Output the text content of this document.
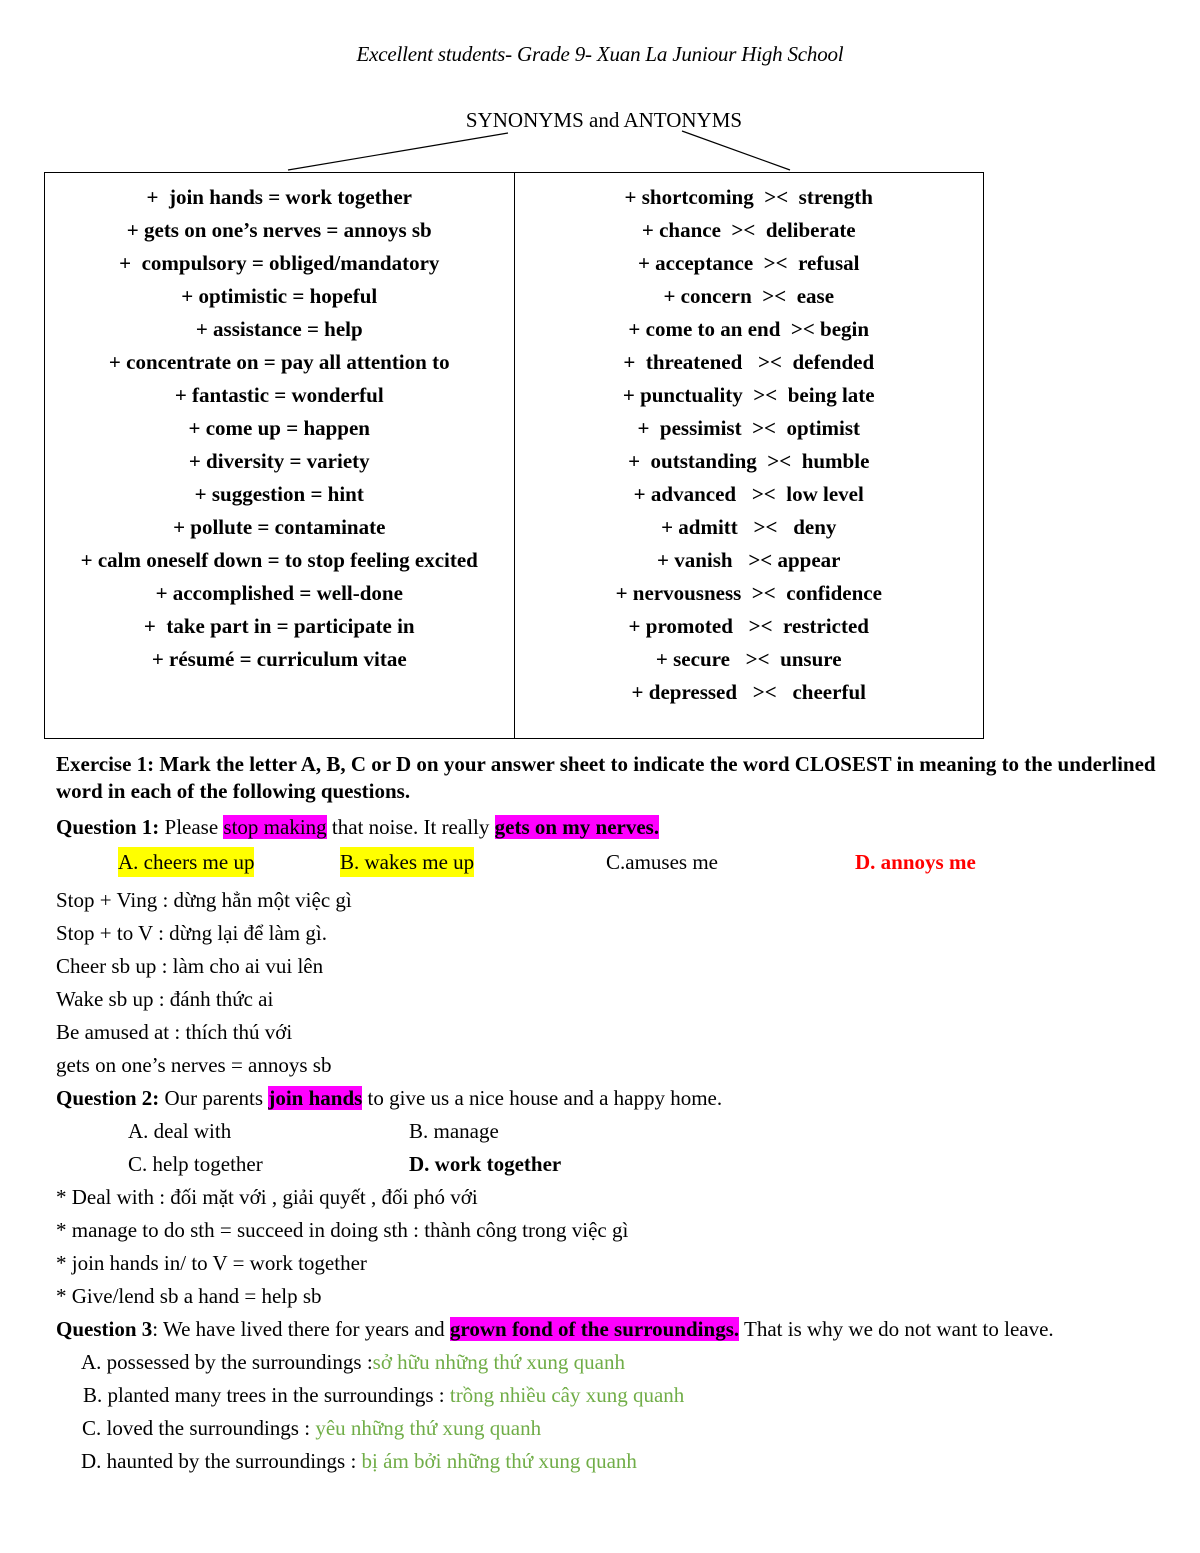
Excellent students- Grade 9- Xuan La Juniour High School
SYNONYMS and ANTONYMS
+  join hands = work together
+ gets on one’s nerves = annoys sb
+  compulsory = obliged/mandatory
+ optimistic = hopeful
+ assistance = help
+ concentrate on = pay all attention to
+ fantastic = wonderful
+ come up = happen
+ diversity = variety
+ suggestion = hint
+ pollute = contaminate
+ calm oneself down = to stop feeling excited
+ accomplished = well-done
+  take part in = participate in
+ résumé = curriculum vitae
+ shortcoming  ><  strength
+ chance  ><  deliberate
+ acceptance  ><  refusal
+ concern  ><  ease
+ come to an end  >< begin
+  threatened   ><  defended
+ punctuality  ><  being late
+  pessimist  ><  optimist
+  outstanding  ><  humble
+ advanced   ><  low level
+ admitt   ><   deny
+ vanish   >< appear
+ nervousness  ><  confidence
+ promoted   ><  restricted
+ secure   ><  unsure
+ depressed   ><   cheerful
Exercise 1: Mark the letter A, B, C or D on your answer sheet to indicate the word CLOSEST in meaning to the underlined word in each of the following questions.
Question 1: Please stop making that noise. It really gets on my nerves.
A. cheers me up	B. wakes me up	C.amuses me	D. annoys me
Stop + Ving : dừng hẳn một việc gì
Stop + to V : dừng lại để làm gì.
Cheer sb up : làm cho ai vui lên
Wake sb up : đánh thức ai
Be amused at : thích thú với
gets on one’s nerves = annoys sb
Question 2: Our parents join hands to give us a nice house and a happy home.
A. deal with	B. manage
C. help together	D. work together
* Deal with : đối mặt với , giải quyết , đối phó với
* manage to do sth = succeed in doing sth : thành công trong việc gì
* join hands in/ to V = work together
* Give/lend sb a hand = help sb
Question 3: We have lived there for years and grown fond of the surroundings. That is why we do not want to leave.
A. possessed by the surroundings :sở hữu những thứ xung quanh
B. planted many trees in the surroundings : trồng nhiều cây xung quanh
C. loved the surroundings : yêu những thứ xung quanh
D. haunted by the surroundings : bị ám bởi những thứ xung quanh
